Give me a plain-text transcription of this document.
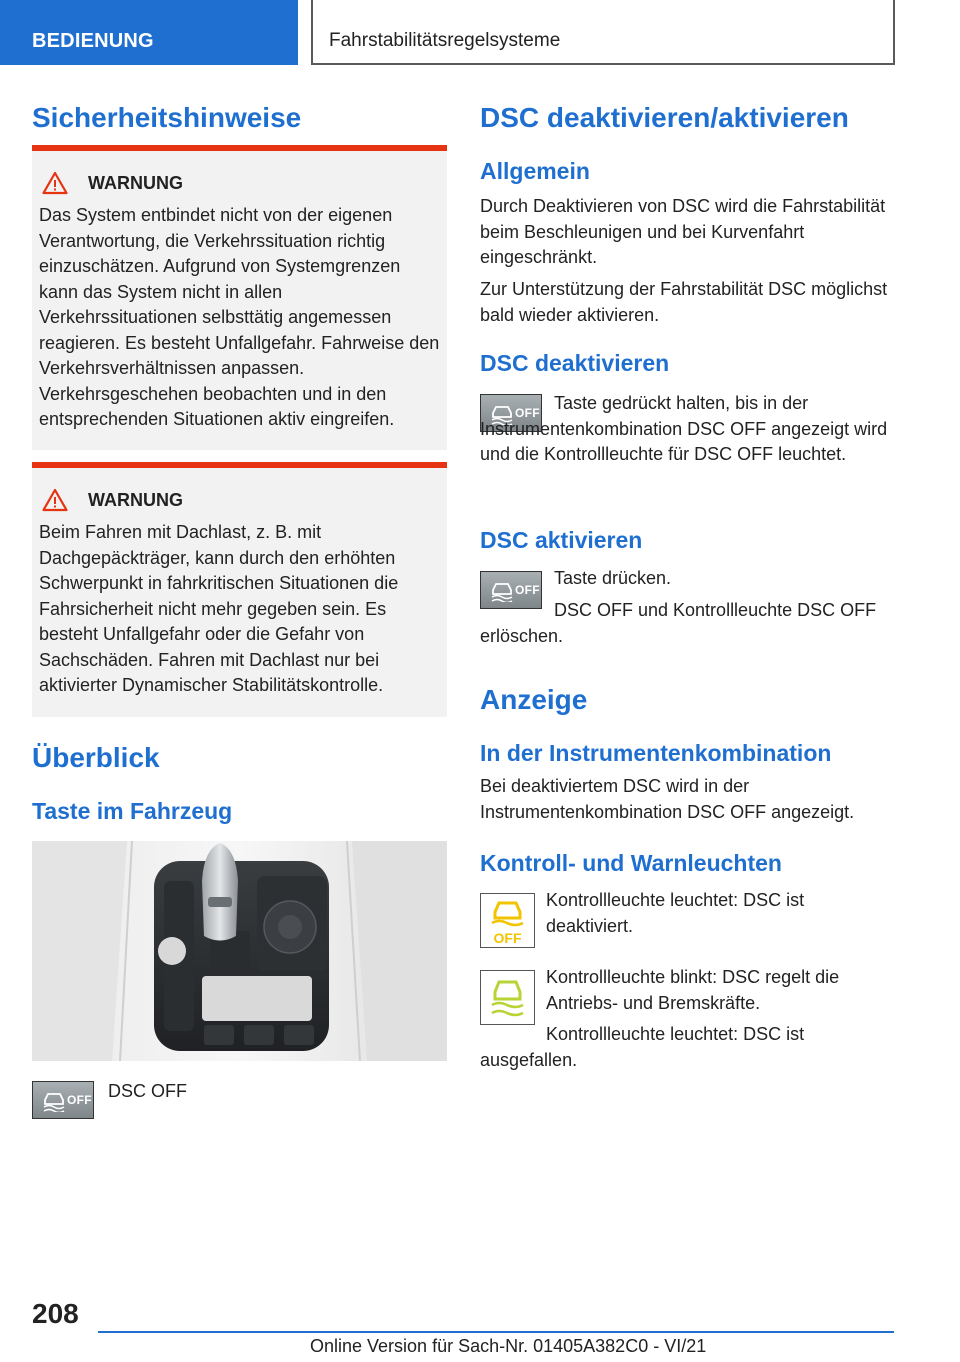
BEDIENUNG	Fahrstabilitätsregelsysteme
Sicherheitshinweise
WARNUNG

Das System entbindet nicht von der eigenen Verantwortung, die Verkehrssituation richtig einzuschätzen. Aufgrund von Systemgrenzen kann das System nicht in allen Verkehrssituationen selbsttätig angemessen reagieren. Es besteht Unfallgefahr. Fahrweise den Verkehrsverhältnissen anpassen. Verkehrsgeschehen beobachten und in den entsprechenden Situationen aktiv eingreifen.

WARNUNG

Beim Fahren mit Dachlast, z. B. mit Dachgepäckträger, kann durch den erhöhten Schwerpunkt in fahrkritischen Situationen die Fahrsicherheit nicht mehr gegeben sein. Es besteht Unfallgefahr oder die Gefahr von Sachschäden. Fahren mit Dachlast nur bei aktivierter Dynamischer Stabilitätskontrolle.

Überblick
Taste im Fahrzeug
OFF DSC OFF

DSC deaktivieren/aktivieren
Allgemein

Durch Deaktivieren von DSC wird die Fahrstabilität beim Beschleunigen und bei Kurvenfahrt eingeschränkt.

Zur Unterstützung der Fahrstabilität DSC möglichst bald wieder aktivieren.

DSC deaktivieren
OFF Taste gedrückt halten, bis in der Instrumentenkombination DSC OFF angezeigt wird und die Kontrollleuchte für DSC OFF leuchtet.

DSC aktivieren
OFF

Taste drücken.

DSC OFF und Kontrollleuchte DSC OFF erlöschen.

Anzeige
In der Instrumentenkombination

Bei deaktiviertem DSC wird in der Instrumentenkombination DSC OFF angezeigt.

Kontroll- und Warnleuchten
OFF

Kontrollleuchte leuchtet: DSC ist deaktiviert.

Kontrollleuchte blinkt: DSC regelt die Antriebs- und Bremskräfte.

Kontrollleuchte leuchtet: DSC ist ausgefallen.

208
Online Version für Sach-Nr. 01405A382C0 - VI/21
